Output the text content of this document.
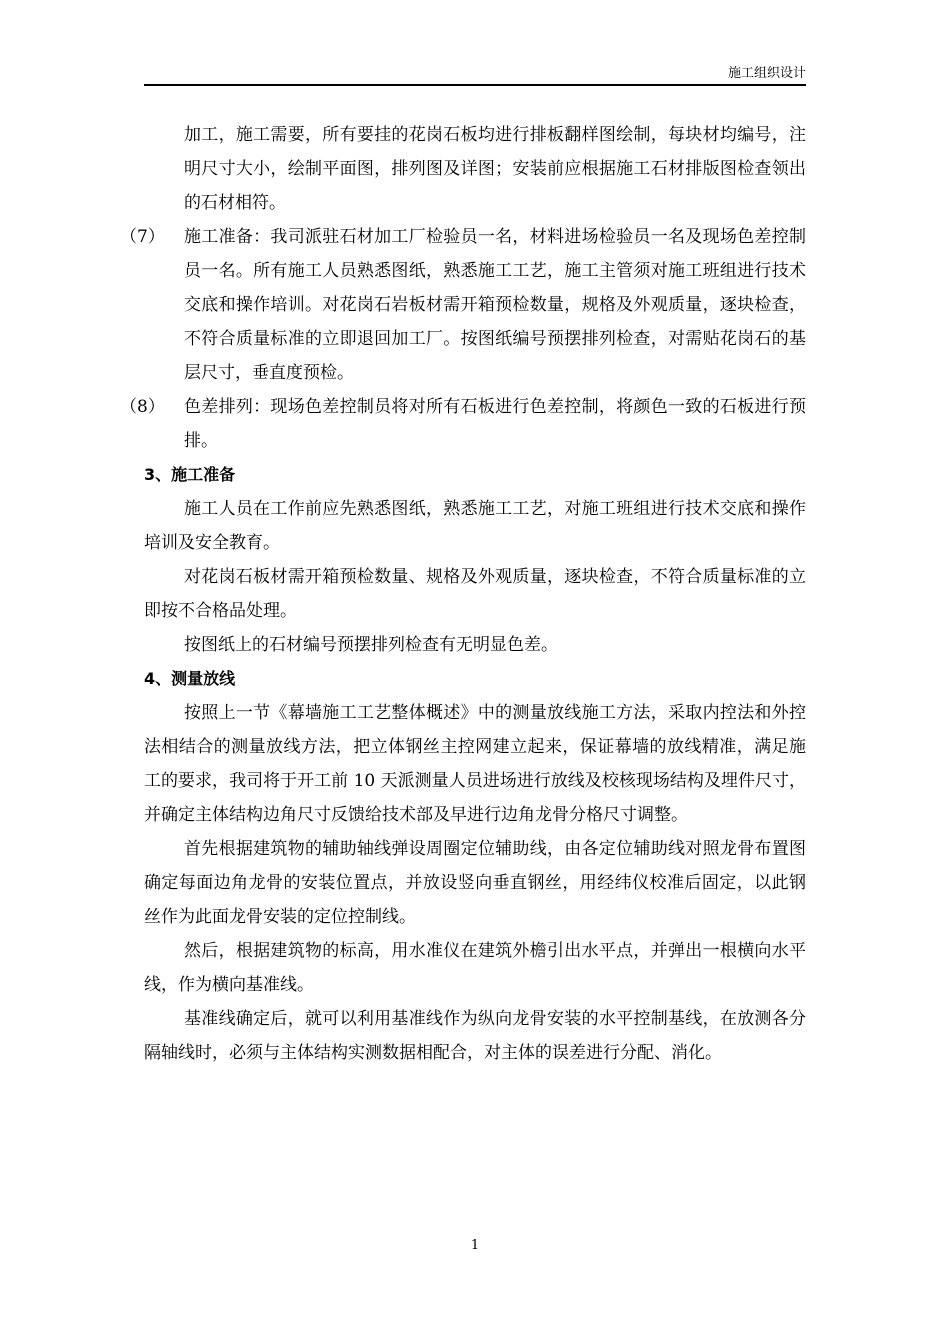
施工组织设计

加工，施工需要，所有要挂的花岗石板均进行排板翻样图绘制，每块材均编号，注明尺寸大小，绘制平面图，排列图及详图；安装前应根据施工石材排版图检查领出的石材相符。

（7） 施工准备：我司派驻石材加工厂检验员一名，材料进场检验员一名及现场色差控制员一名。所有施工人员熟悉图纸，熟悉施工工艺，施工主管须对施工班组进行技术交底和操作培训。对花岗石岩板材需开箱预检数量，规格及外观质量，逐块检查，不符合质量标准的立即退回加工厂。按图纸编号预摆排列检查，对需贴花岗石的基层尺寸，垂直度预检。
（8） 色差排列：现场色差控制员将对所有石板进行色差控制，将颜色一致的石板进行预排。

3、施工准备

施工人员在工作前应先熟悉图纸，熟悉施工工艺，对施工班组进行技术交底和操作培训及安全教育。

对花岗石板材需开箱预检数量、规格及外观质量，逐块检查，不符合质量标准的立即按不合格品处理。

按图纸上的石材编号预摆排列检查有无明显色差。

4、测量放线

按照上一节《幕墙施工工艺整体概述》中的测量放线施工方法，采取内控法和外控法相结合的测量放线方法，把立体钢丝主控网建立起来，保证幕墙的放线精准，满足施工的要求，我司将于开工前 10 天派测量人员进场进行放线及校核现场结构及埋件尺寸，并确定主体结构边角尺寸反馈给技术部及早进行边角龙骨分格尺寸调整。

首先根据建筑物的辅助轴线弹设周圈定位辅助线，由各定位辅助线对照龙骨布置图确定每面边角龙骨的安装位置点，并放设竖向垂直钢丝，用经纬仪校准后固定，以此钢丝作为此面龙骨安装的定位控制线。

然后，根据建筑物的标高，用水准仪在建筑外檐引出水平点，并弹出一根横向水平线，作为横向基准线。

基准线确定后，就可以利用基准线作为纵向龙骨安装的水平控制基线，在放测各分隔轴线时，必须与主体结构实测数据相配合，对主体的误差进行分配、消化。

1
